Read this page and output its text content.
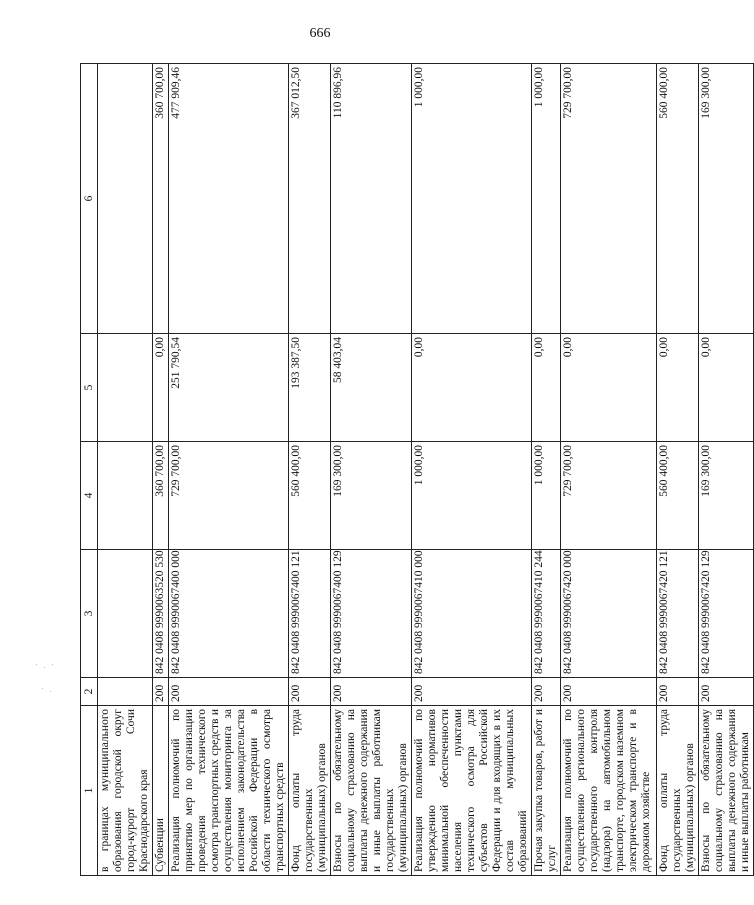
666
1	2	3	4	5	6
в границах муниципального образования городской округ город-курорт Сочи Краснодарского края					
Субвенции	200	842 0408 9990063520 530	360 700,00	0,00	360 700,00
Реализация полномочий по принятию мер по организации проведения технического осмотра транспортных средств и осуществления мониторинга за исполнением законодательства Российской Федерации в области технического осмотра транспортных средств	200	842 0408 9990067400 000	729 700,00	251 790,54	477 909,46
Фонд оплаты труда государственных (муниципальных) органов	200	842 0408 9990067400 121	560 400,00	193 387,50	367 012,50
Взносы по обязательному социальному страхованию на выплаты денежного содержания и иные выплаты работникам государственных (муниципальных) органов	200	842 0408 9990067400 129	169 300,00	58 403,04	110 896,96
Реализация полномочий по утверждению нормативов минимальной обеспеченности населения пунктами технического осмотра для субъектов Российской Федерации и для входящих в их состав муниципальных образований	200	842 0408 9990067410 000	1 000,00	0,00	1 000,00
Прочая закупка товаров, работ и услуг	200	842 0408 9990067410 244	1 000,00	0,00	1 000,00
Реализация полномочий по осуществлению регионального государственного контроля (надзора) на автомобильном транспорте, городском наземном электрическом транспорте и в дорожном хозяйстве	200	842 0408 9990067420 000	729 700,00	0,00	729 700,00
Фонд оплаты труда государственных (муниципальных) органов	200	842 0408 9990067420 121	560 400,00	0,00	560 400,00
Взносы по обязательному социальному страхованию на выплаты денежного содержания и иные выплаты работникам	200	842 0408 9990067420 129	169 300,00	0,00	169 300,00
